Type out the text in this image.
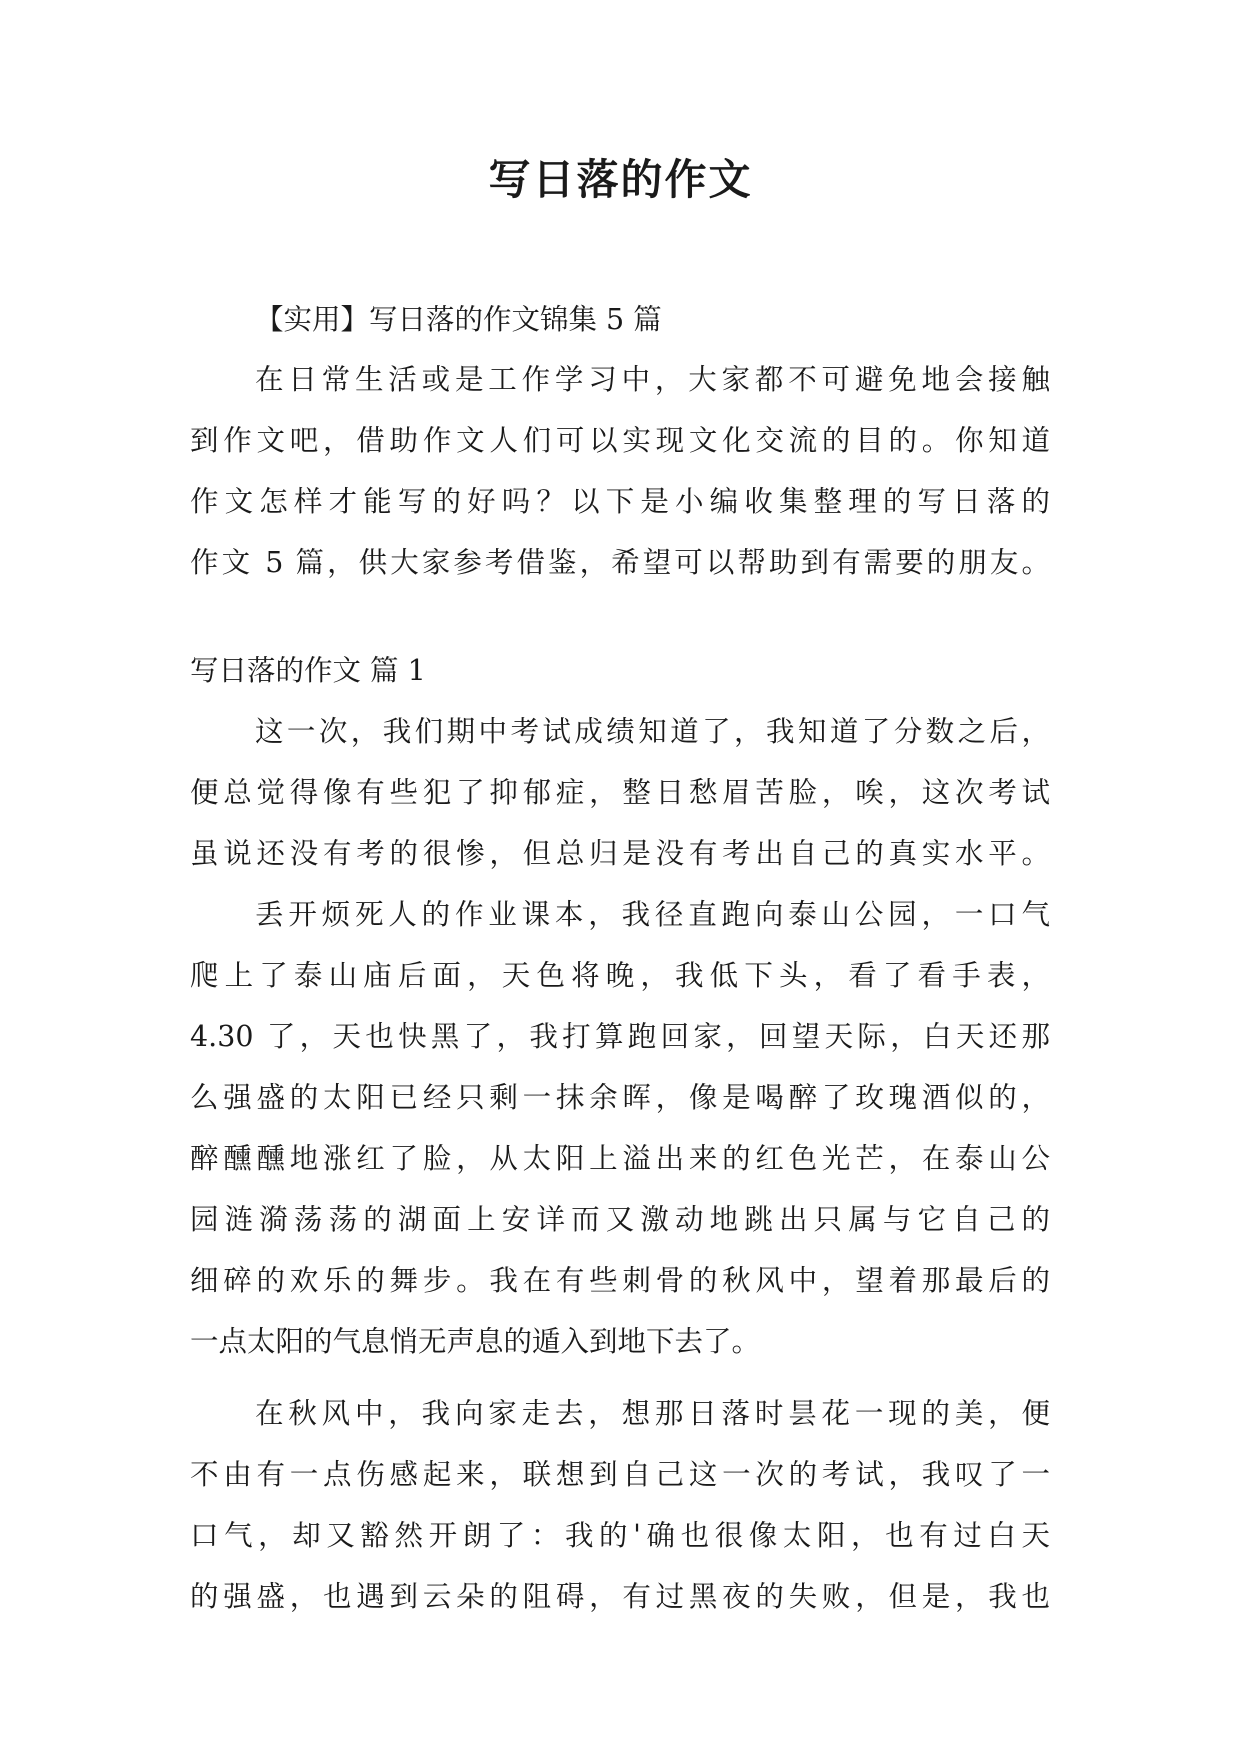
写日落的作文
【实用】写日落的作文锦集 5 篇
在日常生活或是工作学习中，大家都不可避免地会接触
到作文吧，借助作文人们可以实现文化交流的目的。你知道
作文怎样才能写的好吗？以下是小编收集整理的写日落的
作文 5 篇，供大家参考借鉴，希望可以帮助到有需要的朋友。
写日落的作文 篇 1
这一次，我们期中考试成绩知道了，我知道了分数之后，
便总觉得像有些犯了抑郁症，整日愁眉苦脸，唉，这次考试
虽说还没有考的很惨，但总归是没有考出自己的真实水平。
丢开烦死人的作业课本，我径直跑向泰山公园，一口气
爬上了泰山庙后面，天色将晚，我低下头，看了看手表，
4.30 了，天也快黑了，我打算跑回家，回望天际，白天还那
么强盛的太阳已经只剩一抹余晖，像是喝醉了玫瑰酒似的，
醉醺醺地涨红了脸，从太阳上溢出来的红色光芒，在泰山公
园涟漪荡荡的湖面上安详而又激动地跳出只属与它自己的
细碎的欢乐的舞步。我在有些刺骨的秋风中，望着那最后的
一点太阳的气息悄无声息的遁入到地下去了。
在秋风中，我向家走去，想那日落时昙花一现的美，便
不由有一点伤感起来，联想到自己这一次的考试，我叹了一
口气，却又豁然开朗了：我的'确也很像太阳，也有过白天
的强盛，也遇到云朵的阻碍，有过黑夜的失败，但是，我也
